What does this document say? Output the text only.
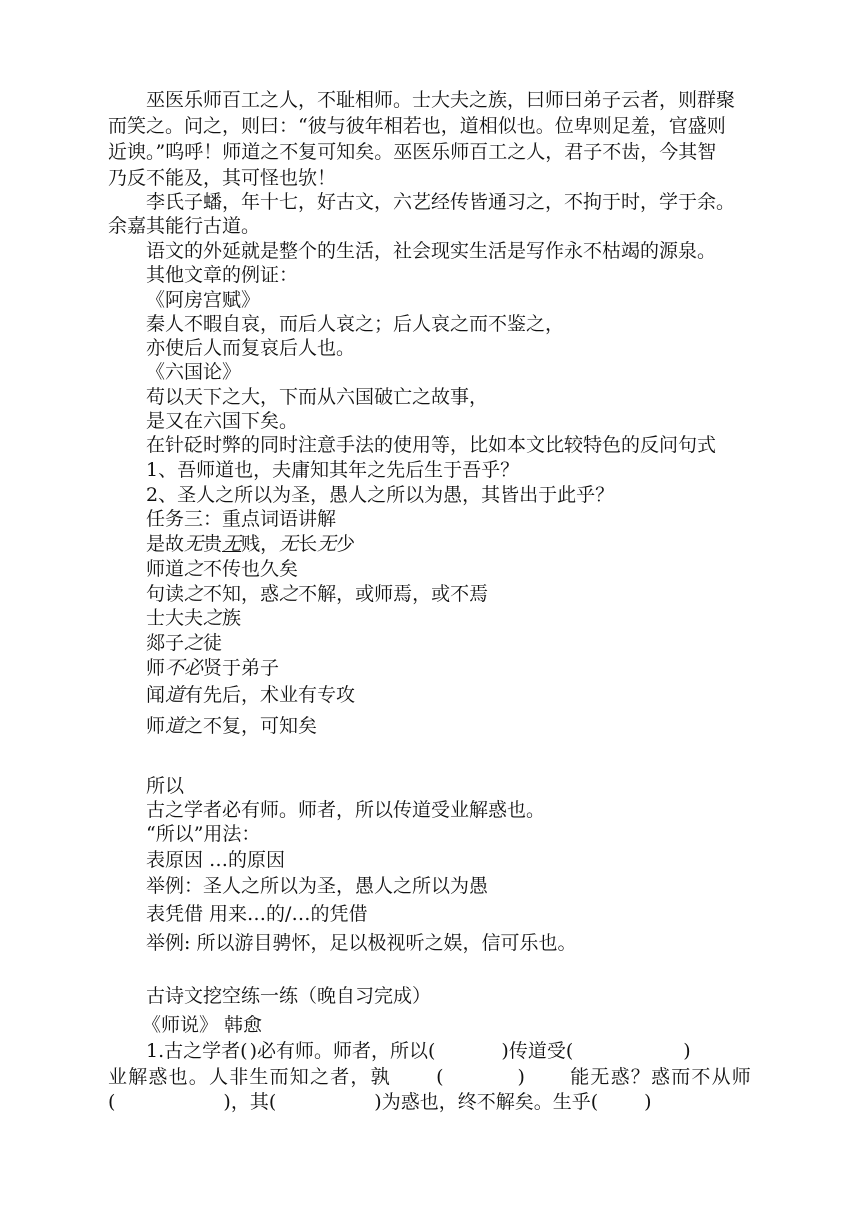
巫医乐师百工之人，不耻相师。士大夫之族，曰师曰弟子云者，则群聚
而笑之。问之，则曰：“彼与彼年相若也，道相似也。位卑则足羞，官盛则
近谀。”呜呼！师道之不复可知矣。巫医乐师百工之人，君子不齿，今其智
乃反不能及，其可怪也欤！
李氏子蟠，年十七，好古文，六艺经传皆通习之，不拘于时，学于余。
余嘉其能行古道。
语文的外延就是整个的生活，社会现实生活是写作永不枯竭的源泉。
其他文章的例证：
《阿房宫赋》
秦人不暇自哀，而后人哀之；后人哀之而不鉴之，
亦使后人而复哀后人也。
《六国论》
苟以天下之大，下而从六国破亡之故事，
是又在六国下矣。
在针砭时弊的同时注意手法的使用等，比如本文比较特色的反问句式
1、吾师道也，夫庸知其年之先后生于吾乎？
2、圣人之所以为圣，愚人之所以为愚，其皆出于此乎？
任务三：重点词语讲解
是故无贵无贱，无长无少
师道之不传也久矣
句读之不知，惑之不解，或师焉，或不焉
士大夫之族
郯子之徒
师不必贤于弟子
闻道有先后，术业有专攻
师道之不复，可知矣
所以
古之学者必有师。师者，所以传道受业解惑也。
“所以”用法：
表原因 …的原因
举例：圣人之所以为圣，愚人之所以为愚
表凭借 用来…的/…的凭借
举例: 所以游目骋怀，足以极视听之娱，信可乐也。
古诗文挖空练一练（晚自习完成）
《师说》 韩愈
1.古之学者( )必有师。师者，所以(	)传道受(	)
业解惑也。人非生而知之者，孰 (	) 能无惑？惑而不从师
(	)，其(	)为惑也，终不解矣。生乎( )
